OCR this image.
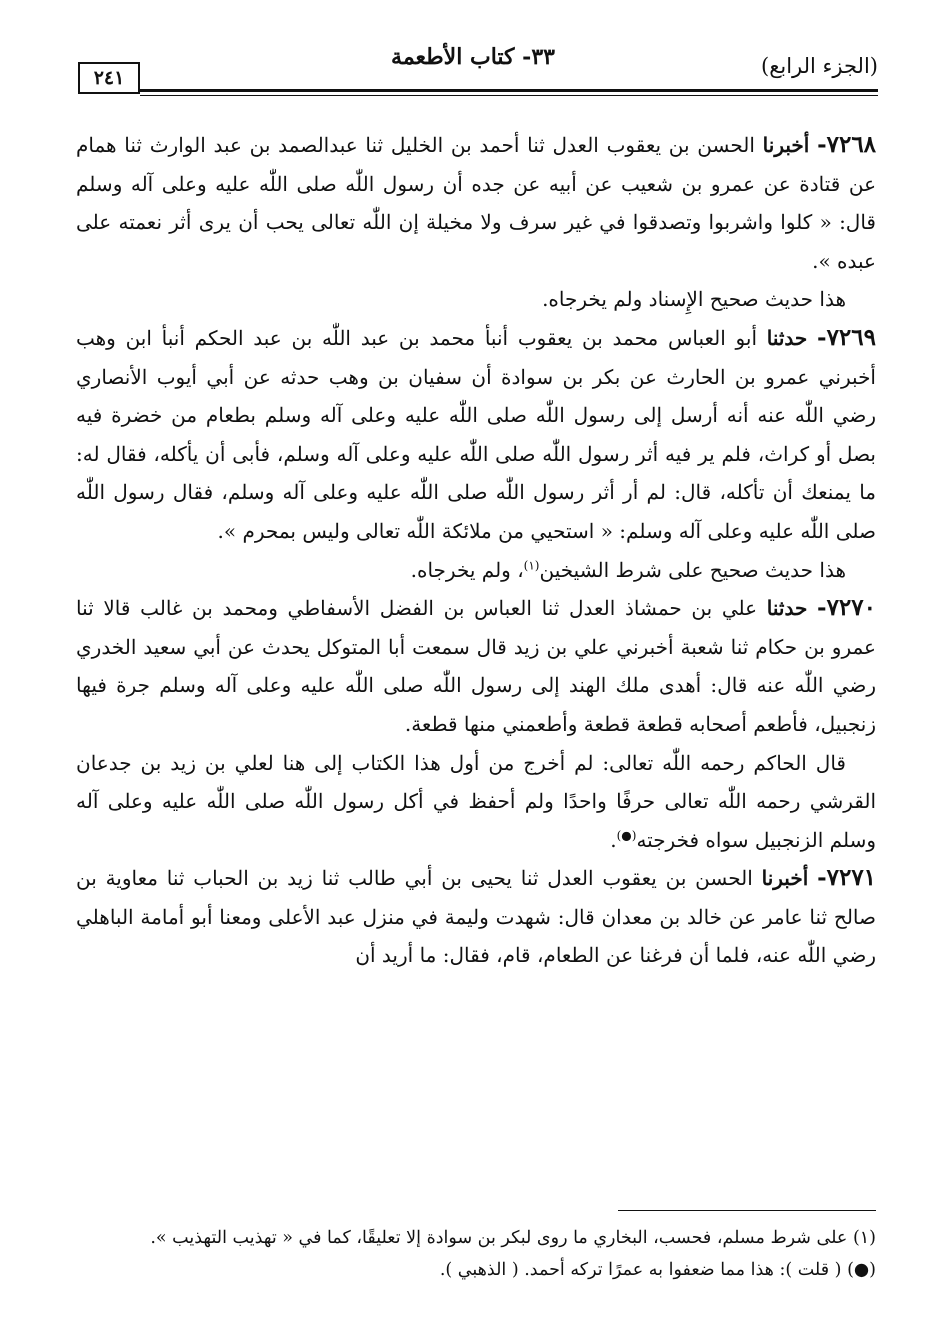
٢٤١
٣٣- كتاب الأطعمة	(الجزء الرابع)

٧٢٦٨- أخبرنا الحسن بن يعقوب العدل ثنا أحمد بن الخليل ثنا عبدالصمد بن عبد الوارث ثنا همام عن قتادة عن عمرو بن شعيب عن أبيه عن جده أن رسول اللّٰه صلى اللّٰه عليه وعلى آله وسلم قال: « كلوا واشربوا وتصدقوا في غير سرف ولا مخيلة إن اللّٰه تعالى يحب أن يرى أثر نعمته على عبده ».

هذا حديث صحيح الإِسناد ولم يخرجاه.

٧٢٦٩- حدثنا أبو العباس محمد بن يعقوب أنبأ محمد بن عبد اللّٰه بن عبد الحكم أنبأ ابن وهب أخبرني عمرو بن الحارث عن بكر بن سوادة أن سفيان بن وهب حدثه عن أبي أيوب الأنصاري رضي اللّٰه عنه أنه أرسل إلى رسول اللّٰه صلى اللّٰه عليه وعلى آله وسلم بطعام من خضرة فيه بصل أو كراث، فلم ير فيه أثر رسول اللّٰه صلى اللّٰه عليه وعلى آله وسلم، فأبى أن يأكله، فقال له: ما يمنعك أن تأكله، قال: لم أر أثر رسول اللّٰه صلى اللّٰه عليه وعلى آله وسلم، فقال رسول اللّٰه صلى اللّٰه عليه وعلى آله وسلم: « استحيي من ملائكة اللّٰه تعالى وليس بمحرم ».

هذا حديث صحيح على شرط الشيخين$^{(١)}$، ولم يخرجاه.

٧٢٧٠- حدثنا علي بن حمشاذ العدل ثنا العباس بن الفضل الأسفاطي ومحمد بن غالب قالا ثنا عمرو بن حكام ثنا شعبة أخبرني علي بن زيد قال سمعت أبا المتوكل يحدث عن أبي سعيد الخدري رضي اللّٰه عنه قال: أهدى ملك الهند إلى رسول اللّٰه صلى اللّٰه عليه وعلى آله وسلم جرة فيها زنجبيل، فأطعم أصحابه قطعة قطعة وأطعمني منها قطعة.

قال الحاكم رحمه اللّٰه تعالى: لم أخرج من أول هذا الكتاب إلى هنا لعلي بن زيد بن جدعان القرشي رحمه اللّٰه تعالى حرفًا واحدًا ولم أحفظ في أكل رسول اللّٰه صلى اللّٰه عليه وعلى آله وسلم الزنجبيل سواه فخرجته(●).

٧٢٧١- أخبرنا الحسن بن يعقوب العدل ثنا يحيى بن أبي طالب ثنا زيد بن الحباب ثنا معاوية بن صالح ثنا عامر عن خالد بن معدان قال: شهدت وليمة في منزل عبد الأعلى ومعنا أبو أمامة الباهلي رضي اللّٰه عنه، فلما أن فرغنا عن الطعام، قام، فقال: ما أريد أن

(١) على شرط مسلم، فحسب، البخاري ما روى لبكر بن سوادة إلا تعليقًا، كما في « تهذيب التهذيب ».

(●) ( قلت ): هذا مما ضعفوا به عمرًا تركه أحمد. ( الذهبي ).
